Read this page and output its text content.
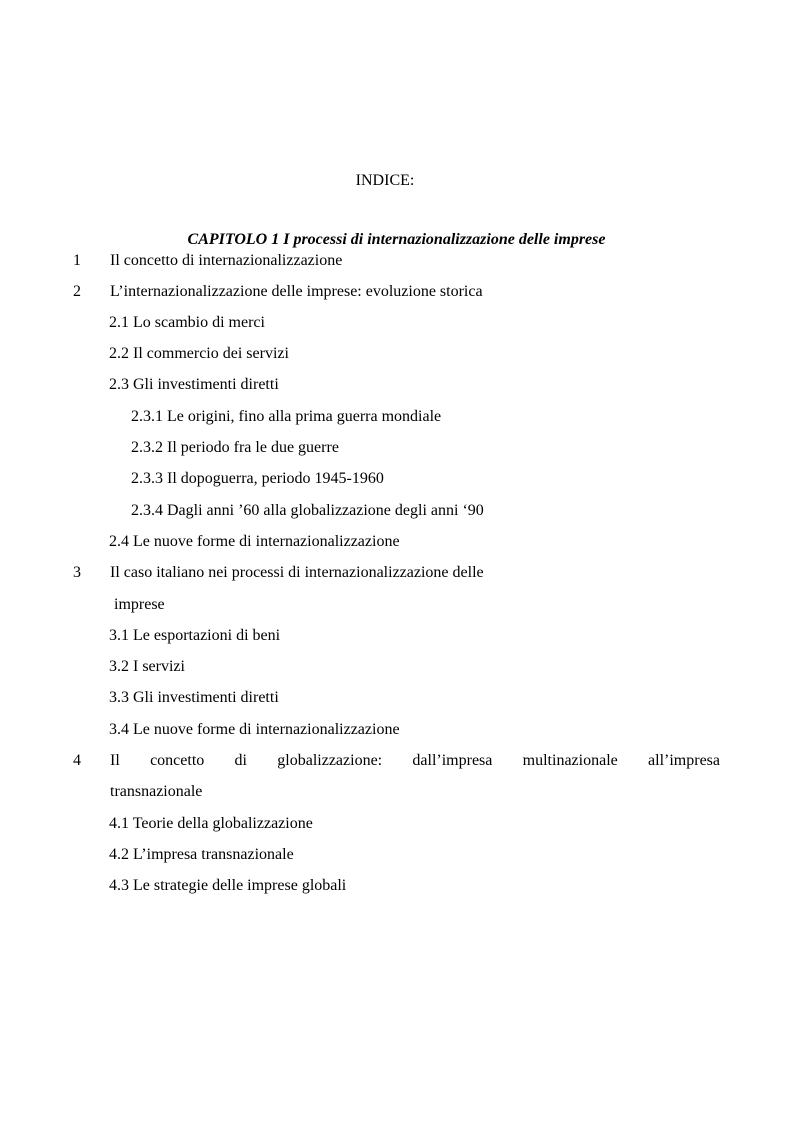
INDICE:
CAPITOLO 1 I processi di internazionalizzazione delle imprese
1 Il concetto di internazionalizzazione
2 L’internazionalizzazione delle imprese: evoluzione storica
2.1 Lo scambio di merci
2.2 Il commercio dei servizi
2.3 Gli investimenti diretti
2.3.1 Le origini, fino alla prima guerra mondiale
2.3.2 Il periodo fra le due guerre
2.3.3 Il dopoguerra, periodo 1945-1960
2.3.4 Dagli anni ’60 alla globalizzazione degli anni ‘90
2.4 Le nuove forme di internazionalizzazione
3 Il caso italiano nei processi di internazionalizzazione delle
imprese
3.1 Le esportazioni di beni
3.2 I servizi
3.3 Gli investimenti diretti
3.4 Le nuove forme di internazionalizzazione
4 Il concetto di globalizzazione: dall’impresa multinazionale all’impresa
transnazionale
4.1 Teorie della globalizzazione
4.2 L’impresa transnazionale
4.3 Le strategie delle imprese globali
